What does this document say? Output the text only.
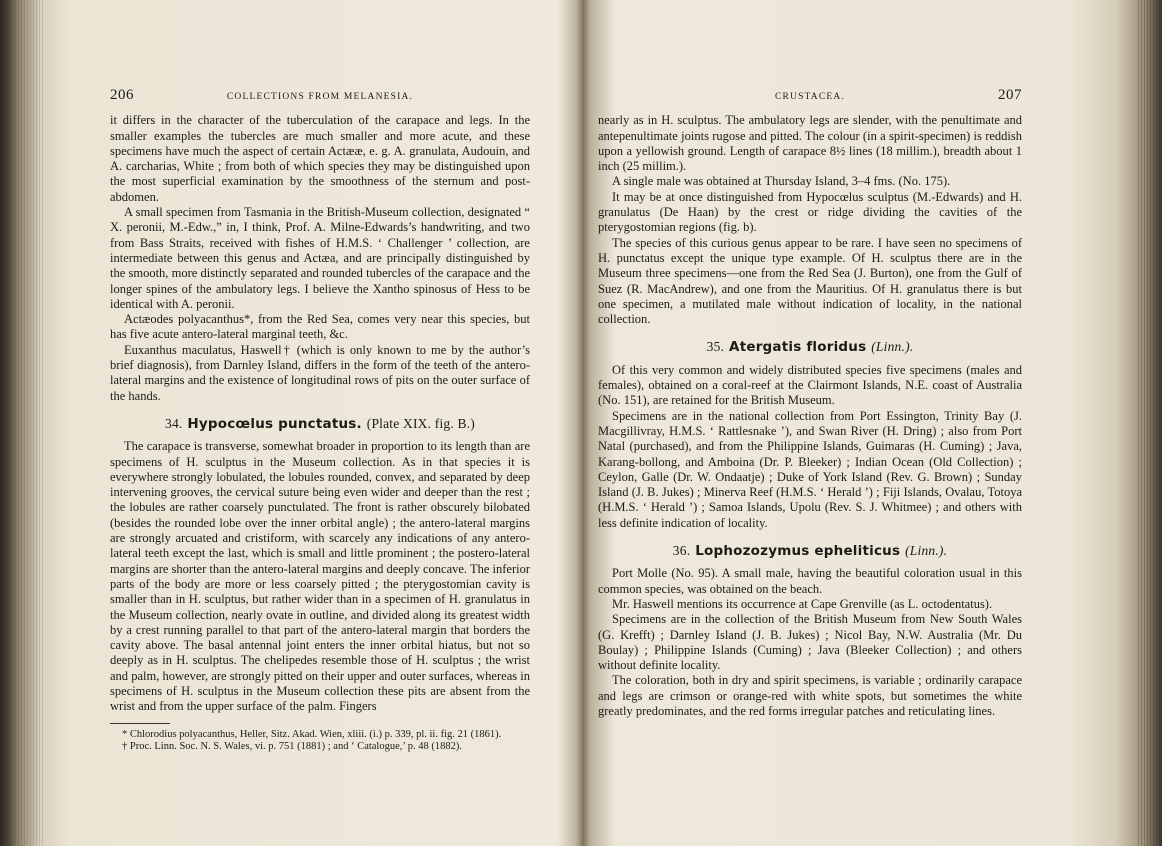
206	COLLECTIONS FROM MELANESIA.

it differs in the character of the tuberculation of the carapace and legs. In the smaller examples the tubercles are much smaller and more acute, and these specimens have much the aspect of certain Actææ, e. g. A. granulata, Audouin, and A. carcharias, White ; from both of which species they may be distinguished upon the most superficial examination by the smoothness of the sternum and post-abdomen.

A small specimen from Tasmania in the British-Museum collection, designated “ X. peronii, M.-Edw.,” in, I think, Prof. A. Milne-Edwards’s handwriting, and two from Bass Straits, received with fishes of H.M.S. ‘ Challenger ’ collection, are intermediate between this genus and Actæa, and are principally distinguished by the smooth, more distinctly separated and rounded tubercles of the carapace and the longer spines of the ambulatory legs. I believe the Xantho spinosus of Hess to be identical with A. peronii.

Actæodes polyacanthus*, from the Red Sea, comes very near this species, but has five acute antero-lateral marginal teeth, &c.

Euxanthus maculatus, Haswell† (which is only known to me by the author’s brief diagnosis), from Darnley Island, differs in the form of the teeth of the antero-lateral margins and the existence of longitudinal rows of pits on the outer surface of the hands.

34. Hypocœlus punctatus. (Plate XIX. fig. B.)

The carapace is transverse, somewhat broader in proportion to its length than are specimens of H. sculptus in the Museum collection. As in that species it is everywhere strongly lobulated, the lobules rounded, convex, and separated by deep intervening grooves, the cervical suture being even wider and deeper than the rest ; the lobules are rather coarsely punctulated. The front is rather obscurely bilobated (besides the rounded lobe over the inner orbital angle) ; the antero-lateral margins are strongly arcuated and cristiform, with scarcely any indications of any antero-lateral teeth except the last, which is small and little prominent ; the postero-lateral margins are shorter than the antero-lateral margins and deeply concave. The inferior parts of the body are more or less coarsely pitted ; the pterygostomian cavity is smaller than in H. sculptus, but rather wider than in a specimen of H. granulatus in the Museum collection, nearly ovate in outline, and divided along its greatest width by a crest running parallel to that part of the antero-lateral margin that borders the cavity above. The basal antennal joint enters the inner orbital hiatus, but not so deeply as in H. sculptus. The chelipedes resemble those of H. sculptus ; the wrist and palm, however, are strongly pitted on their upper and outer surfaces, whereas in specimens of H. sculptus in the Museum collection these pits are absent from the wrist and from the upper surface of the palm. Fingers

* Chlorodius polyacanthus, Heller, Sitz. Akad. Wien, xliii. (i.) p. 339, pl. ii. fig. 21 (1861).

† Proc. Linn. Soc. N. S. Wales, vi. p. 751 (1881) ; and ‘ Catalogue,’ p. 48 (1882).

CRUSTACEA.	207

nearly as in H. sculptus. The ambulatory legs are slender, with the penultimate and antepenultimate joints rugose and pitted. The colour (in a spirit-specimen) is reddish upon a yellowish ground. Length of carapace 8½ lines (18 millim.), breadth about 1 inch (25 millim.).

A single male was obtained at Thursday Island, 3–4 fms. (No. 175).

It may be at once distinguished from Hypocœlus sculptus (M.-Edwards) and H. granulatus (De Haan) by the crest or ridge dividing the cavities of the pterygostomian regions (fig. b).

The species of this curious genus appear to be rare. I have seen no specimens of H. punctatus except the unique type example. Of H. sculptus there are in the Museum three specimens—one from the Red Sea (J. Burton), one from the Gulf of Suez (R. MacAndrew), and one from the Mauritius. Of H. granulatus there is but one specimen, a mutilated male without indication of locality, in the national collection.

35. Atergatis floridus (Linn.).

Of this very common and widely distributed species five specimens (males and females), obtained on a coral-reef at the Clairmont Islands, N.E. coast of Australia (No. 151), are retained for the British Museum.

Specimens are in the national collection from Port Essington, Trinity Bay (J. Macgillivray, H.M.S. ‘ Rattlesnake ’), and Swan River (H. Dring) ; also from Port Natal (purchased), and from the Philippine Islands, Guimaras (H. Cuming) ; Java, Karang-bollong, and Amboina (Dr. P. Bleeker) ; Indian Ocean (Old Collection) ; Ceylon, Galle (Dr. W. Ondaatje) ; Duke of York Island (Rev. G. Brown) ; Sunday Island (J. B. Jukes) ; Minerva Reef (H.M.S. ‘ Herald ’) ; Fiji Islands, Ovalau, Totoya (H.M.S. ‘ Herald ’) ; Samoa Islands, Upolu (Rev. S. J. Whitmee) ; and others with less definite indication of locality.

36. Lophozozymus epheliticus (Linn.).

Port Molle (No. 95). A small male, having the beautiful coloration usual in this common species, was obtained on the beach.

Mr. Haswell mentions its occurrence at Cape Grenville (as L. octodentatus).

Specimens are in the collection of the British Museum from New South Wales (G. Krefft) ; Darnley Island (J. B. Jukes) ; Nicol Bay, N.W. Australia (Mr. Du Boulay) ; Philippine Islands (Cuming) ; Java (Bleeker Collection) ; and others without definite locality.

The coloration, both in dry and spirit specimens, is variable ; ordinarily carapace and legs are crimson or orange-red with white spots, but sometimes the white greatly predominates, and the red forms irregular patches and reticulating lines.
